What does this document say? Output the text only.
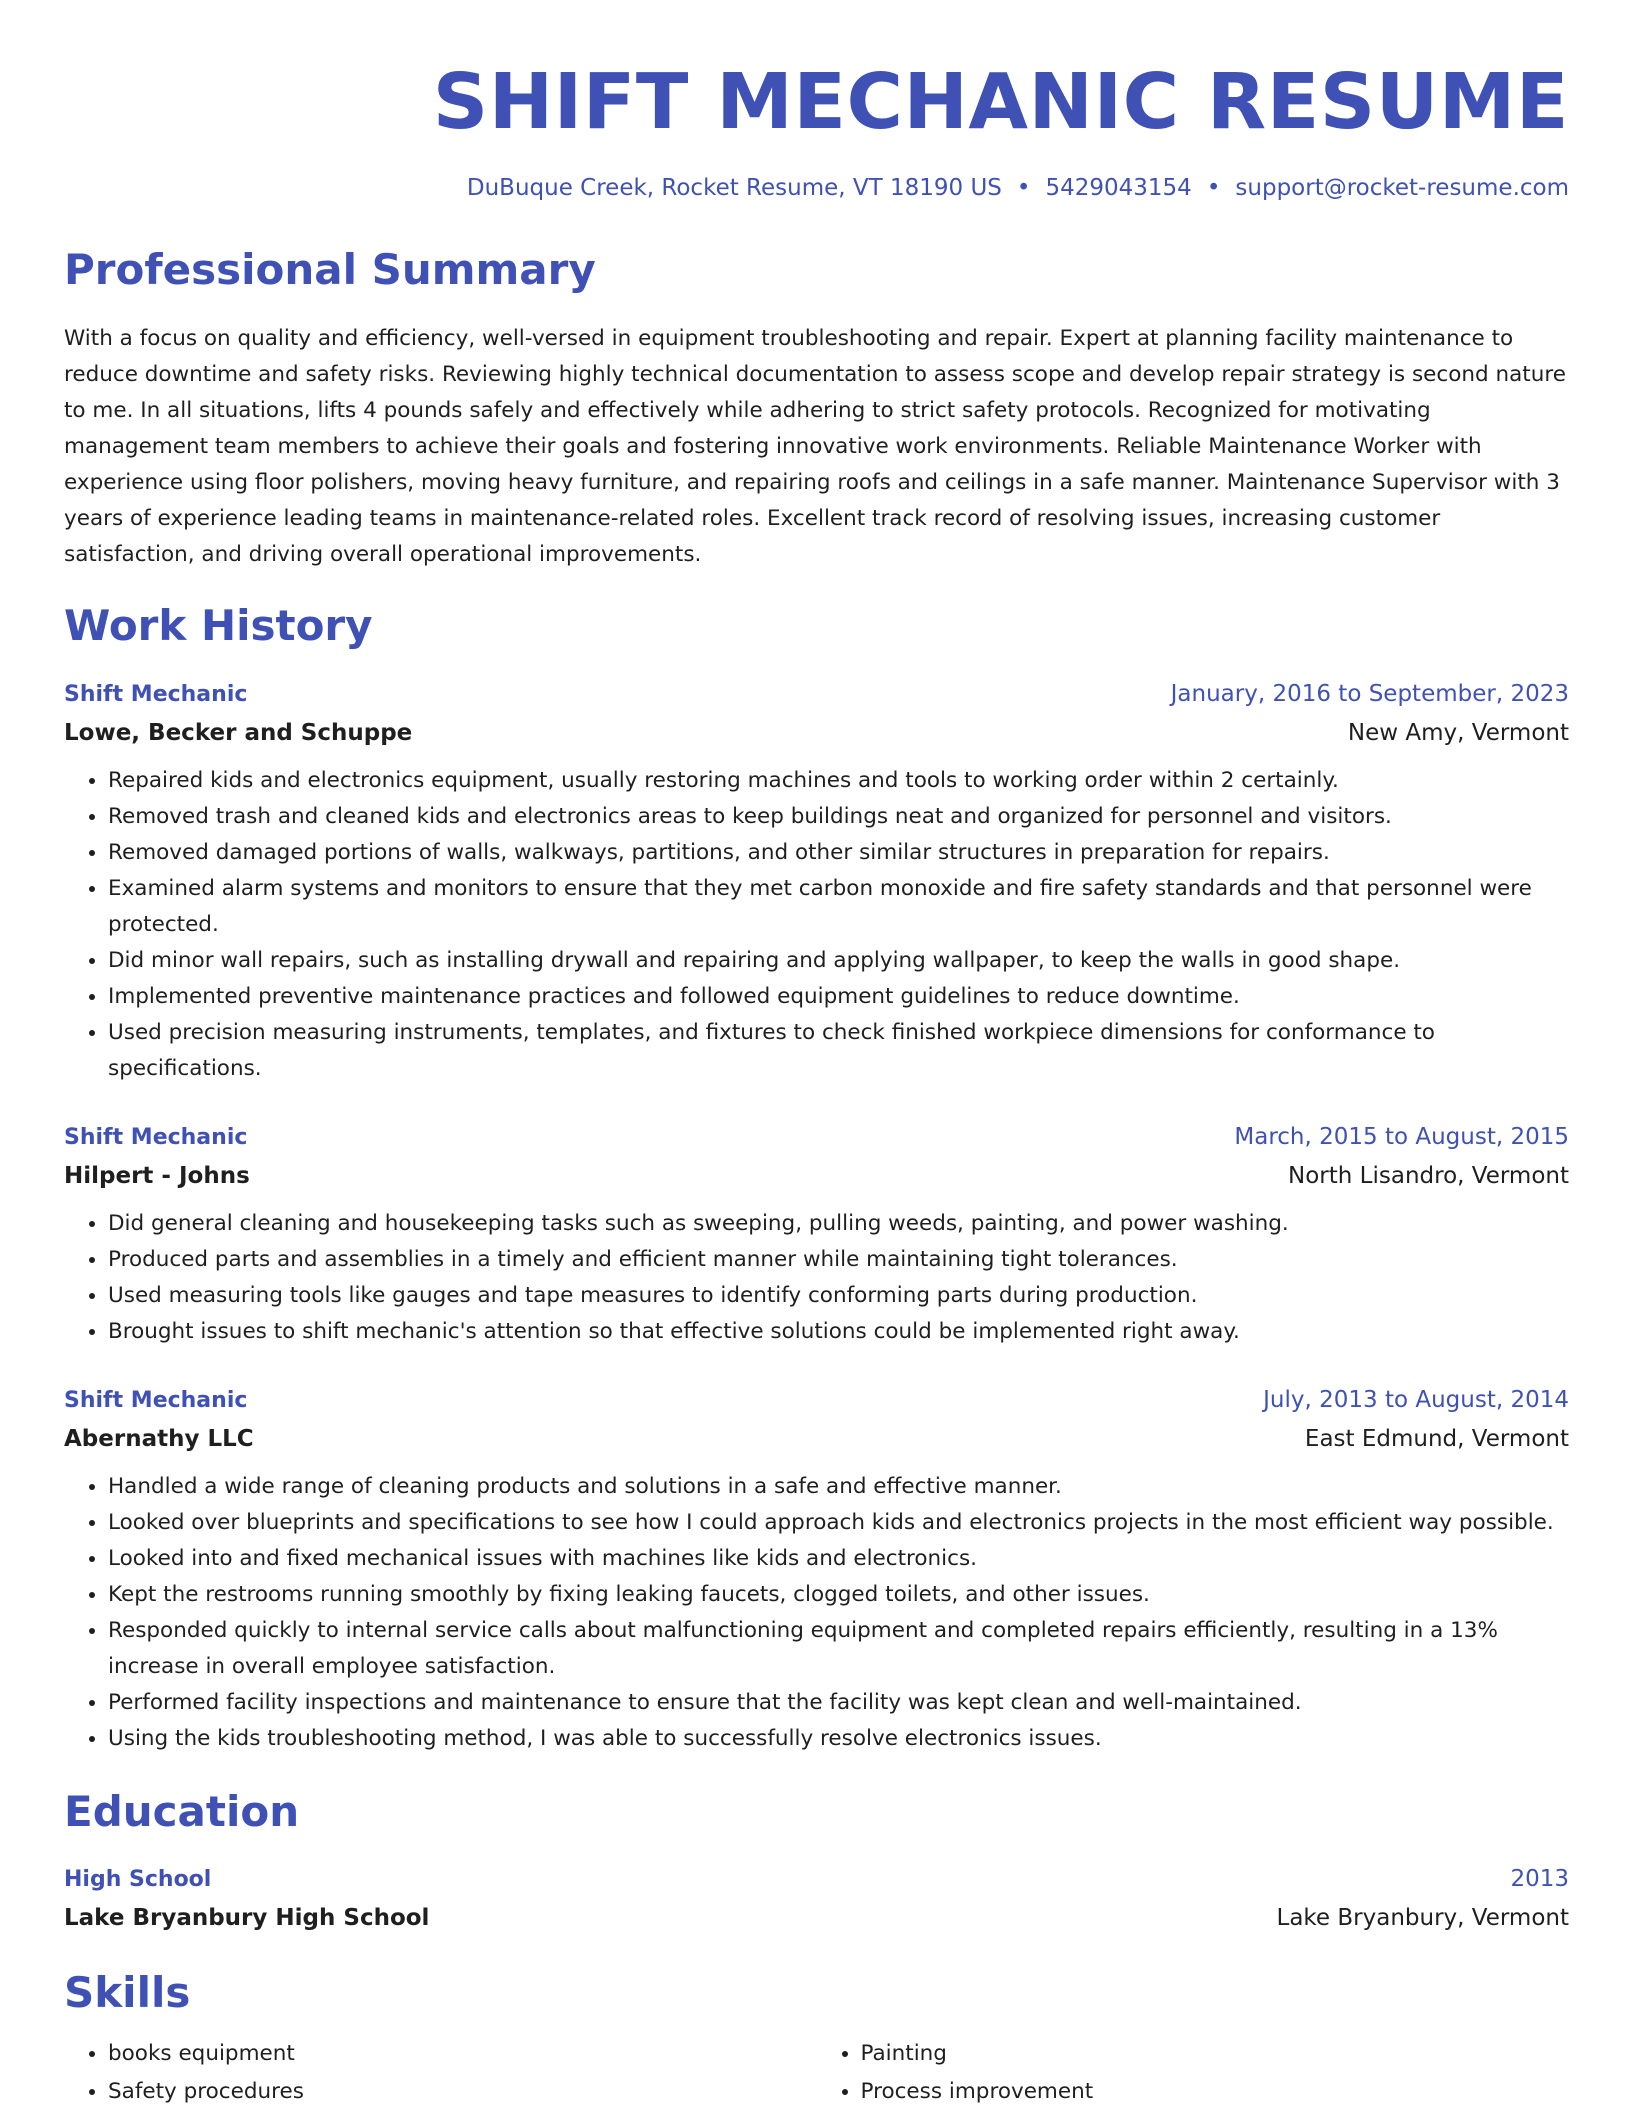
SHIFT MECHANIC RESUME
DuBuque Creek, Rocket Resume, VT 18190 US • 5429043154 • support@rocket-resume.com
Professional Summary

With a focus on quality and efficiency, well-versed in equipment troubleshooting and repair. Expert at planning facility maintenance to reduce downtime and safety risks. Reviewing highly technical documentation to assess scope and develop repair strategy is second nature to me. In all situations, lifts 4 pounds safely and effectively while adhering to strict safety protocols. Recognized for motivating management team members to achieve their goals and fostering innovative work environments. Reliable Maintenance Worker with experience using floor polishers, moving heavy furniture, and repairing roofs and ceilings in a safe manner. Maintenance Supervisor with 3 years of experience leading teams in maintenance-related roles. Excellent track record of resolving issues, increasing customer satisfaction, and driving overall operational improvements.

Work History
Shift Mechanic	January, 2016 to September, 2023
Lowe, Becker and Schuppe	New Amy, Vermont
• Repaired kids and electronics equipment, usually restoring machines and tools to working order within 2 certainly.
• Removed trash and cleaned kids and electronics areas to keep buildings neat and organized for personnel and visitors.
• Removed damaged portions of walls, walkways, partitions, and other similar structures in preparation for repairs.
• Examined alarm systems and monitors to ensure that they met carbon monoxide and fire safety standards and that personnel were protected.
• Did minor wall repairs, such as installing drywall and repairing and applying wallpaper, to keep the walls in good shape.
• Implemented preventive maintenance practices and followed equipment guidelines to reduce downtime.
• Used precision measuring instruments, templates, and fixtures to check finished workpiece dimensions for conformance to specifications.
Shift Mechanic	March, 2015 to August, 2015
Hilpert - Johns	North Lisandro, Vermont
• Did general cleaning and housekeeping tasks such as sweeping, pulling weeds, painting, and power washing.
• Produced parts and assemblies in a timely and efficient manner while maintaining tight tolerances.
• Used measuring tools like gauges and tape measures to identify conforming parts during production.
• Brought issues to shift mechanic's attention so that effective solutions could be implemented right away.
Shift Mechanic	July, 2013 to August, 2014
Abernathy LLC	East Edmund, Vermont
• Handled a wide range of cleaning products and solutions in a safe and effective manner.
• Looked over blueprints and specifications to see how I could approach kids and electronics projects in the most efficient way possible.
• Looked into and fixed mechanical issues with machines like kids and electronics.
• Kept the restrooms running smoothly by fixing leaking faucets, clogged toilets, and other issues.
• Responded quickly to internal service calls about malfunctioning equipment and completed repairs efficiently, resulting in a 13% increase in overall employee satisfaction.
• Performed facility inspections and maintenance to ensure that the facility was kept clean and well-maintained.
• Using the kids troubleshooting method, I was able to successfully resolve electronics issues.
Education
High School	2013
Lake Bryanbury High School	Lake Bryanbury, Vermont
Skills
• books equipment
• Safety procedures
• Painting
• Process improvement
